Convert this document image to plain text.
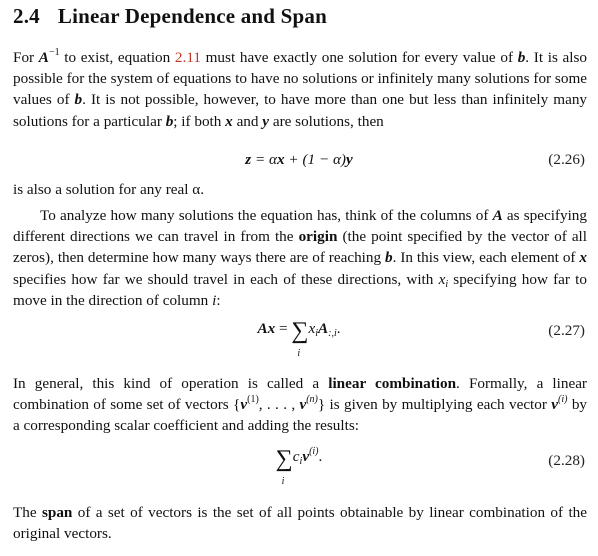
2.4 Linear Dependence and Span
For $A^{-1}$ to exist, equation 2.11 must have exactly one solution for every value of b. It is also possible for the system of equations to have no solutions or infinitely many solutions for some values of b. It is not possible, however, to have more than one but less than infinitely many solutions for a particular b; if both x and y are solutions, then
z = αx + (1 − α)y	(2.26)
is also a solution for any real α.
To analyze how many solutions the equation has, think of the columns of A as specifying different directions we can travel in from the origin (the point specified by the vector of all zeros), then determine how many ways there are of reaching b. In this view, each element of x specifies how far we should travel in each of these directions, with $x_i$ specifying how far to move in the direction of column i:
Ax = ∑
i
$x_iA_{:,i}$.	(2.27)
In general, this kind of operation is called a linear combination. Formally, a linear combination of some set of vectors {$v^{(1)}$, . . . , $v^{(n)}$} is given by multiplying each vector $v^{(i)}$ by a corresponding scalar coefficient and adding the results:
∑
i
$c_iv^{(i)}$.	(2.28)
The span of a set of vectors is the set of all points obtainable by linear combination of the original vectors.
